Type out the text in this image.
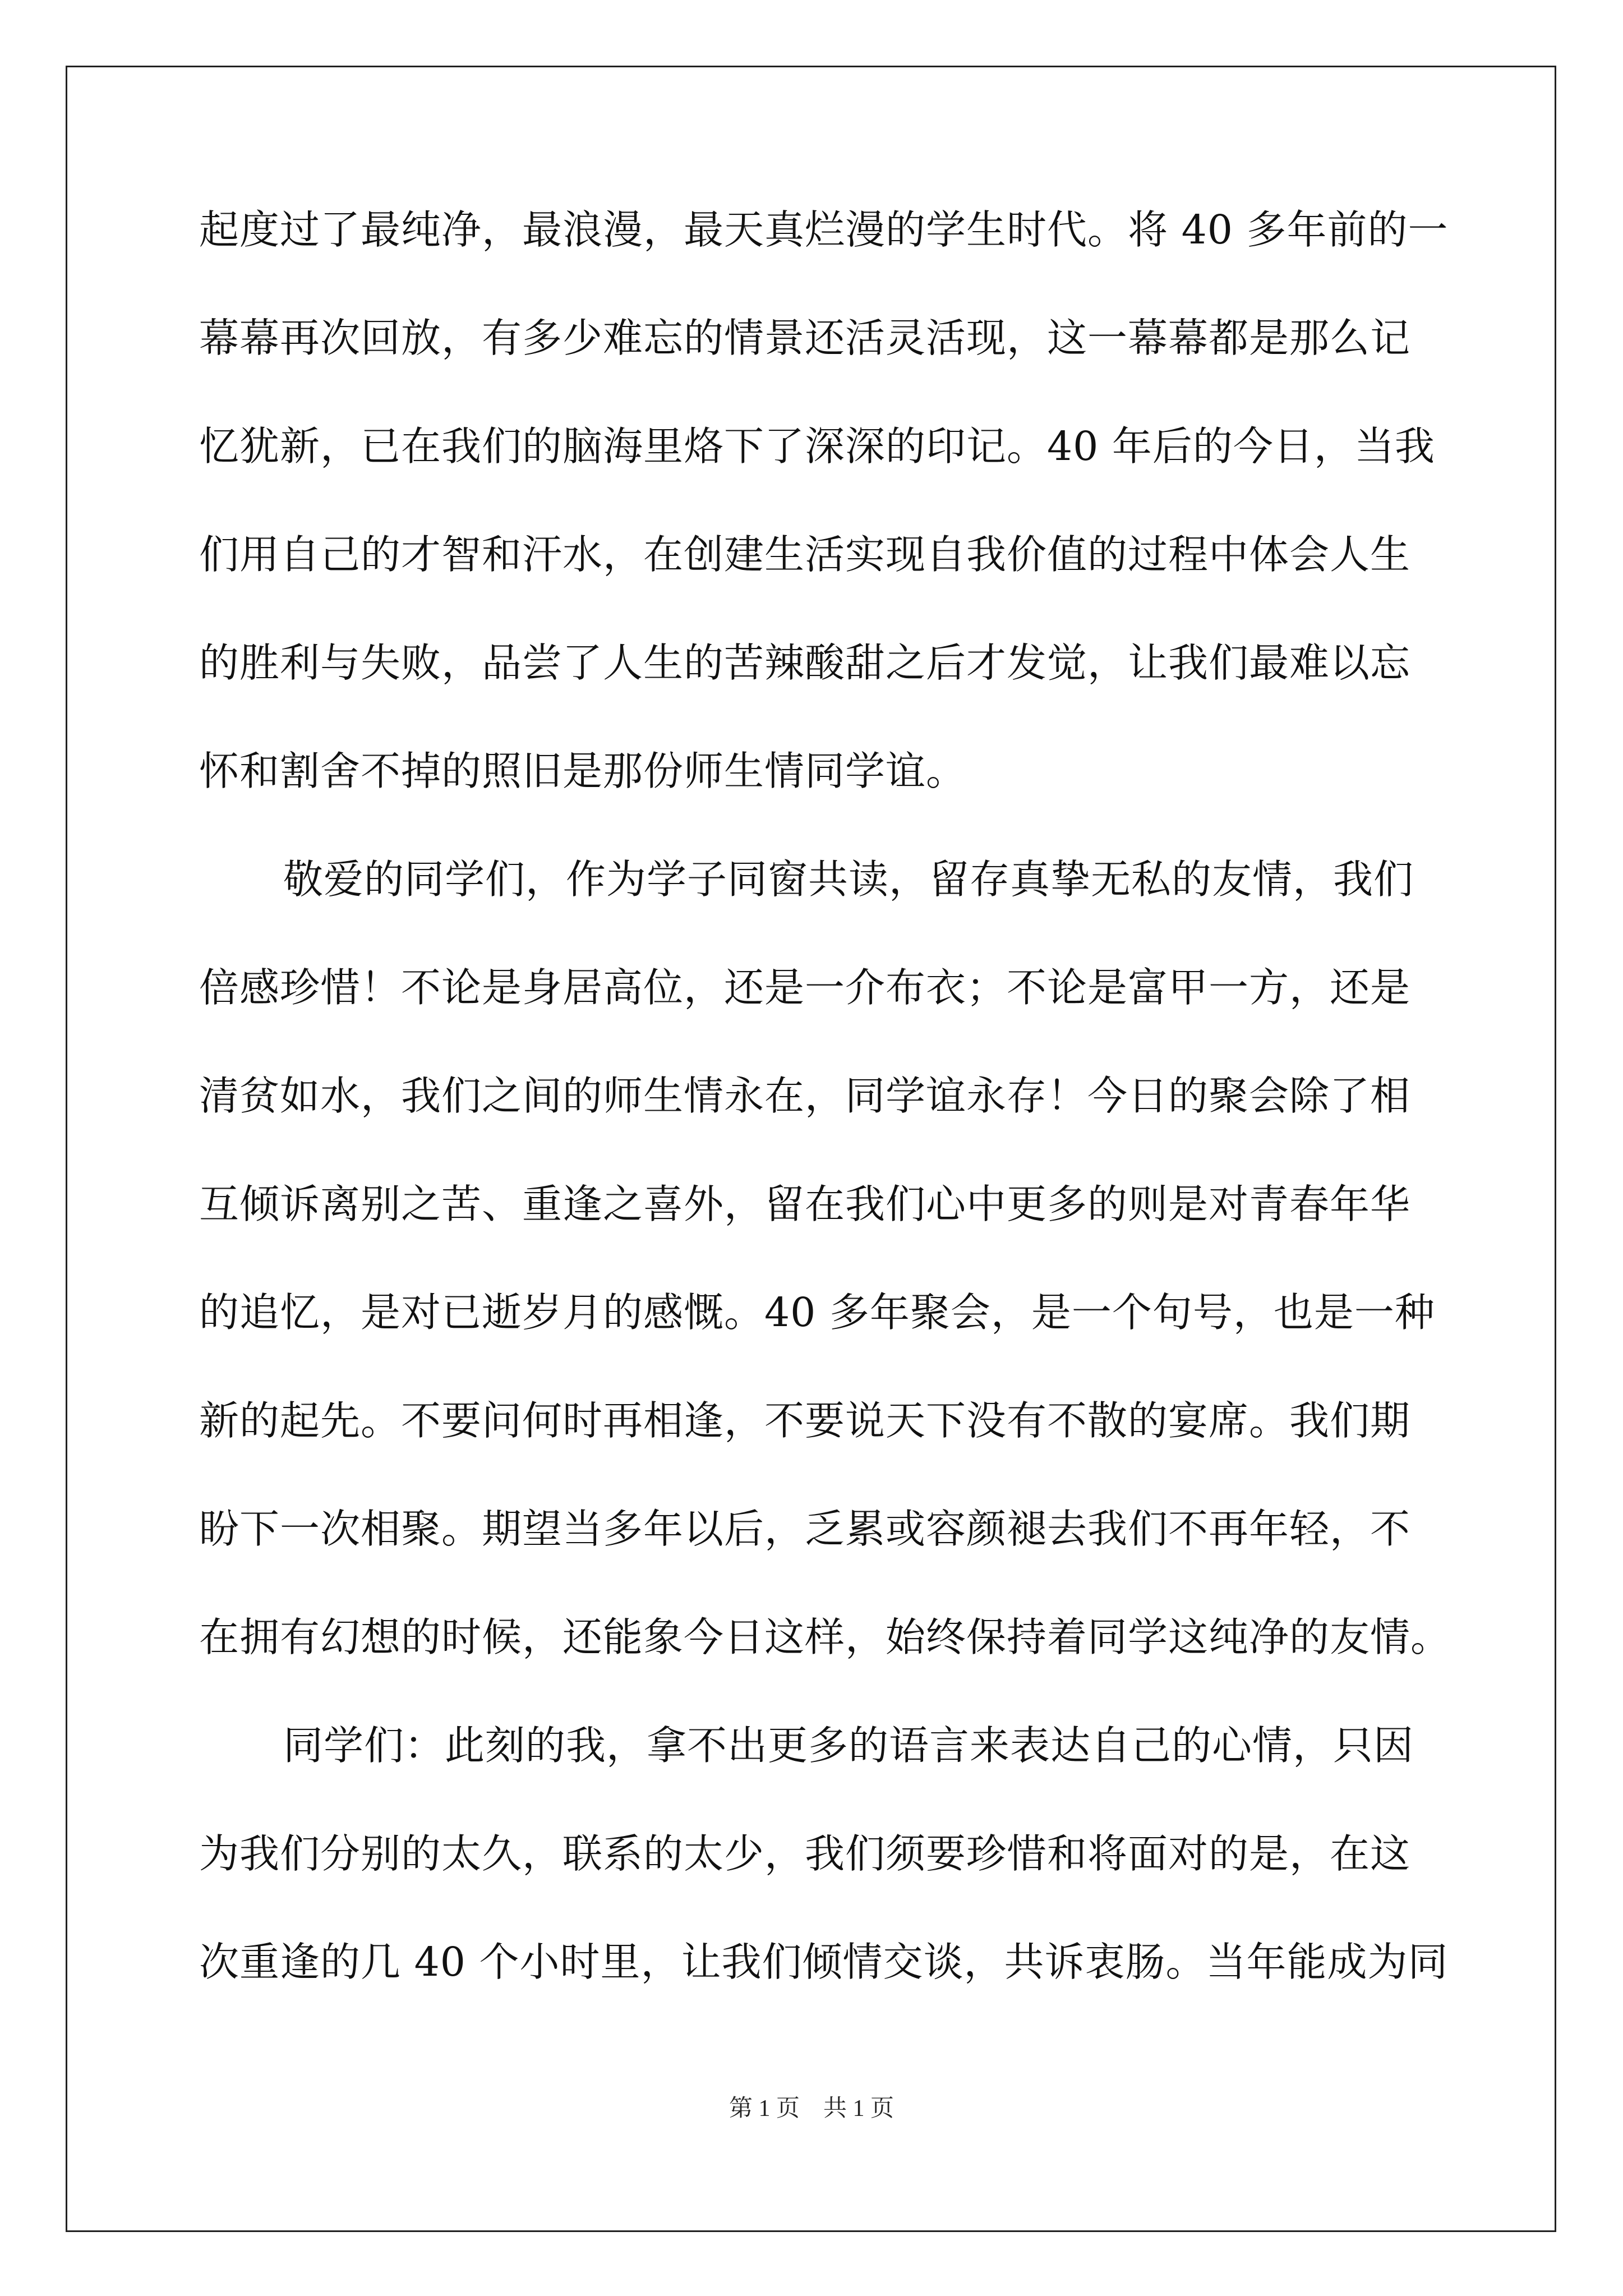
起度过了最纯净，最浪漫，最天真烂漫的学生时代。将 40 多年前的一
幕幕再次回放，有多少难忘的情景还活灵活现，这一幕幕都是那么记
忆犹新，已在我们的脑海里烙下了深深的印记。40 年后的今日，当我
们用自己的才智和汗水，在创建生活实现自我价值的过程中体会人生
的胜利与失败，品尝了人生的苦辣酸甜之后才发觉，让我们最难以忘
怀和割舍不掉的照旧是那份师生情同学谊。
敬爱的同学们，作为学子同窗共读，留存真挚无私的友情，我们
倍感珍惜！不论是身居高位，还是一介布衣；不论是富甲一方，还是
清贫如水，我们之间的师生情永在，同学谊永存！今日的聚会除了相
互倾诉离别之苦、重逢之喜外，留在我们心中更多的则是对青春年华
的追忆，是对已逝岁月的感慨。40 多年聚会，是一个句号，也是一种
新的起先。不要问何时再相逢，不要说天下没有不散的宴席。我们期
盼下一次相聚。期望当多年以后，乏累或容颜褪去我们不再年轻，不
在拥有幻想的时候，还能象今日这样，始终保持着同学这纯净的友情。
同学们：此刻的我，拿不出更多的语言来表达自己的心情，只因
为我们分别的太久，联系的太少，我们须要珍惜和将面对的是，在这
次重逢的几 40 个小时里，让我们倾情交谈，共诉衷肠。当年能成为同
第 1 页    共 1 页
